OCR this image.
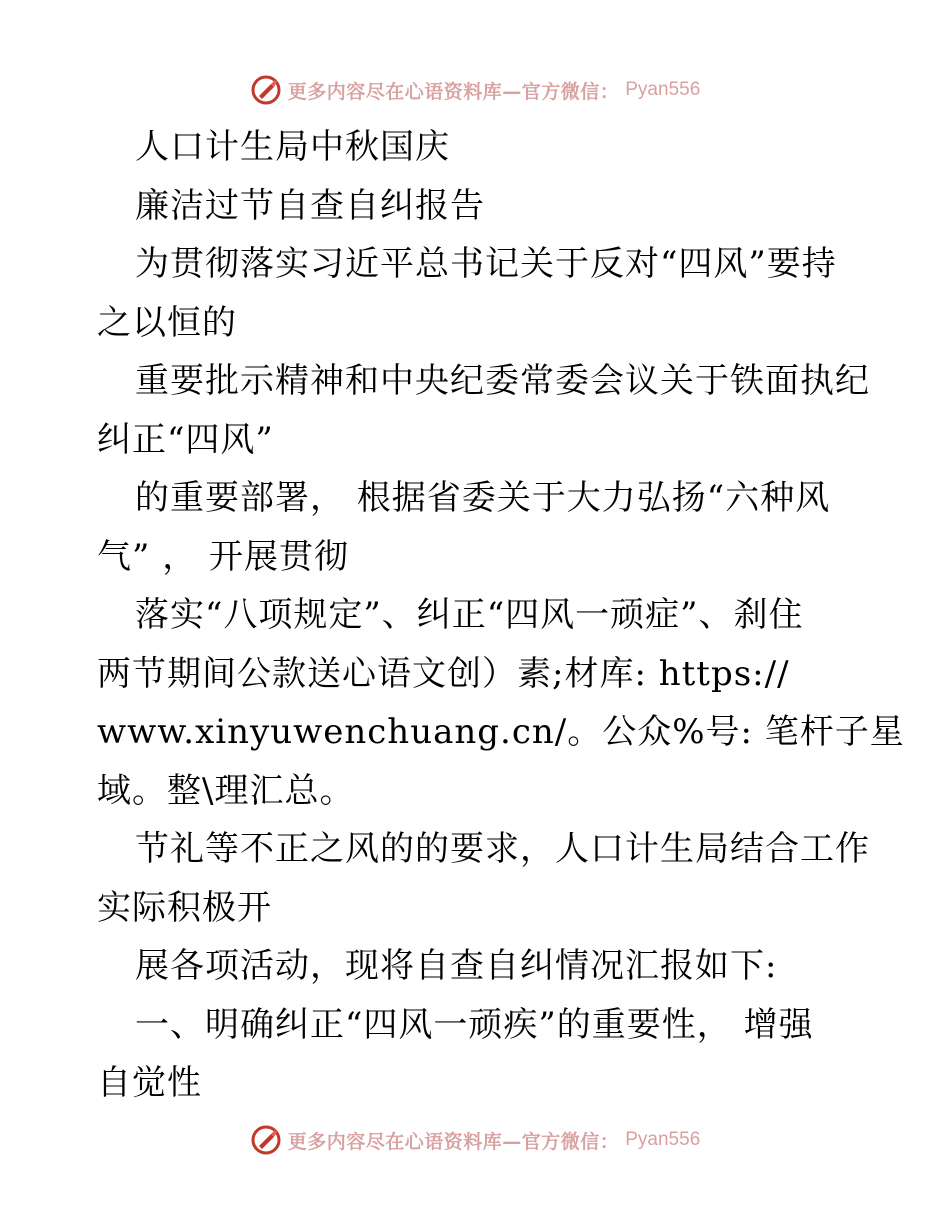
更多内容尽在心语资料库—官方微信： Pyan556
人口计生局中秋国庆
廉洁过节自查自纠报告
为贯彻落实习近平总书记关于反对“四风”要持
之以恒的
重要批示精神和中央纪委常委会议关于铁面执纪
纠正“四风”
的重要部署， 根据省委关于大力弘扬“六种风
气” ， 开展贯彻
落实“八项规定”、纠正“四风一顽症”、刹住
两节期间公款送心语文创）素;材库: https://
www.xinyuwenchuang.cn/。公众%号: 笔杆子星
域。整\理汇总。
节礼等不正之风的的要求，人口计生局结合工作
实际积极开
展各项活动，现将自查自纠情况汇报如下:
一、明确纠正“四风一顽疾”的重要性， 增强
自觉性
更多内容尽在心语资料库—官方微信： Pyan556
